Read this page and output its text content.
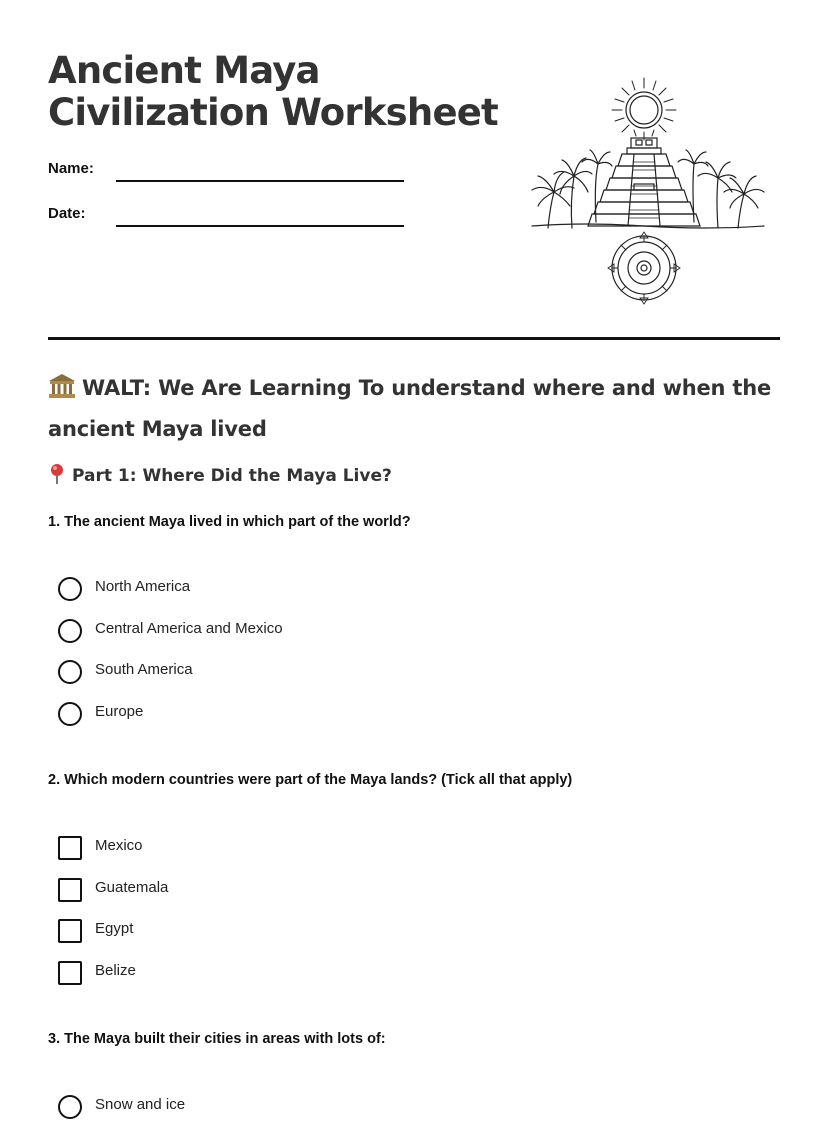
Ancient Maya
Civilization Worksheet
Name:
Date:
WALT: We Are Learning To understand where and when the ancient Maya lived
Part 1: Where Did the Maya Live?

1. The ancient Maya lived in which part of the world?

North America
Central America and Mexico
South America
Europe

2. Which modern countries were part of the Maya lands? (Tick all that apply)

Mexico
Guatemala
Egypt
Belize

3. The Maya built their cities in areas with lots of:

Snow and ice
